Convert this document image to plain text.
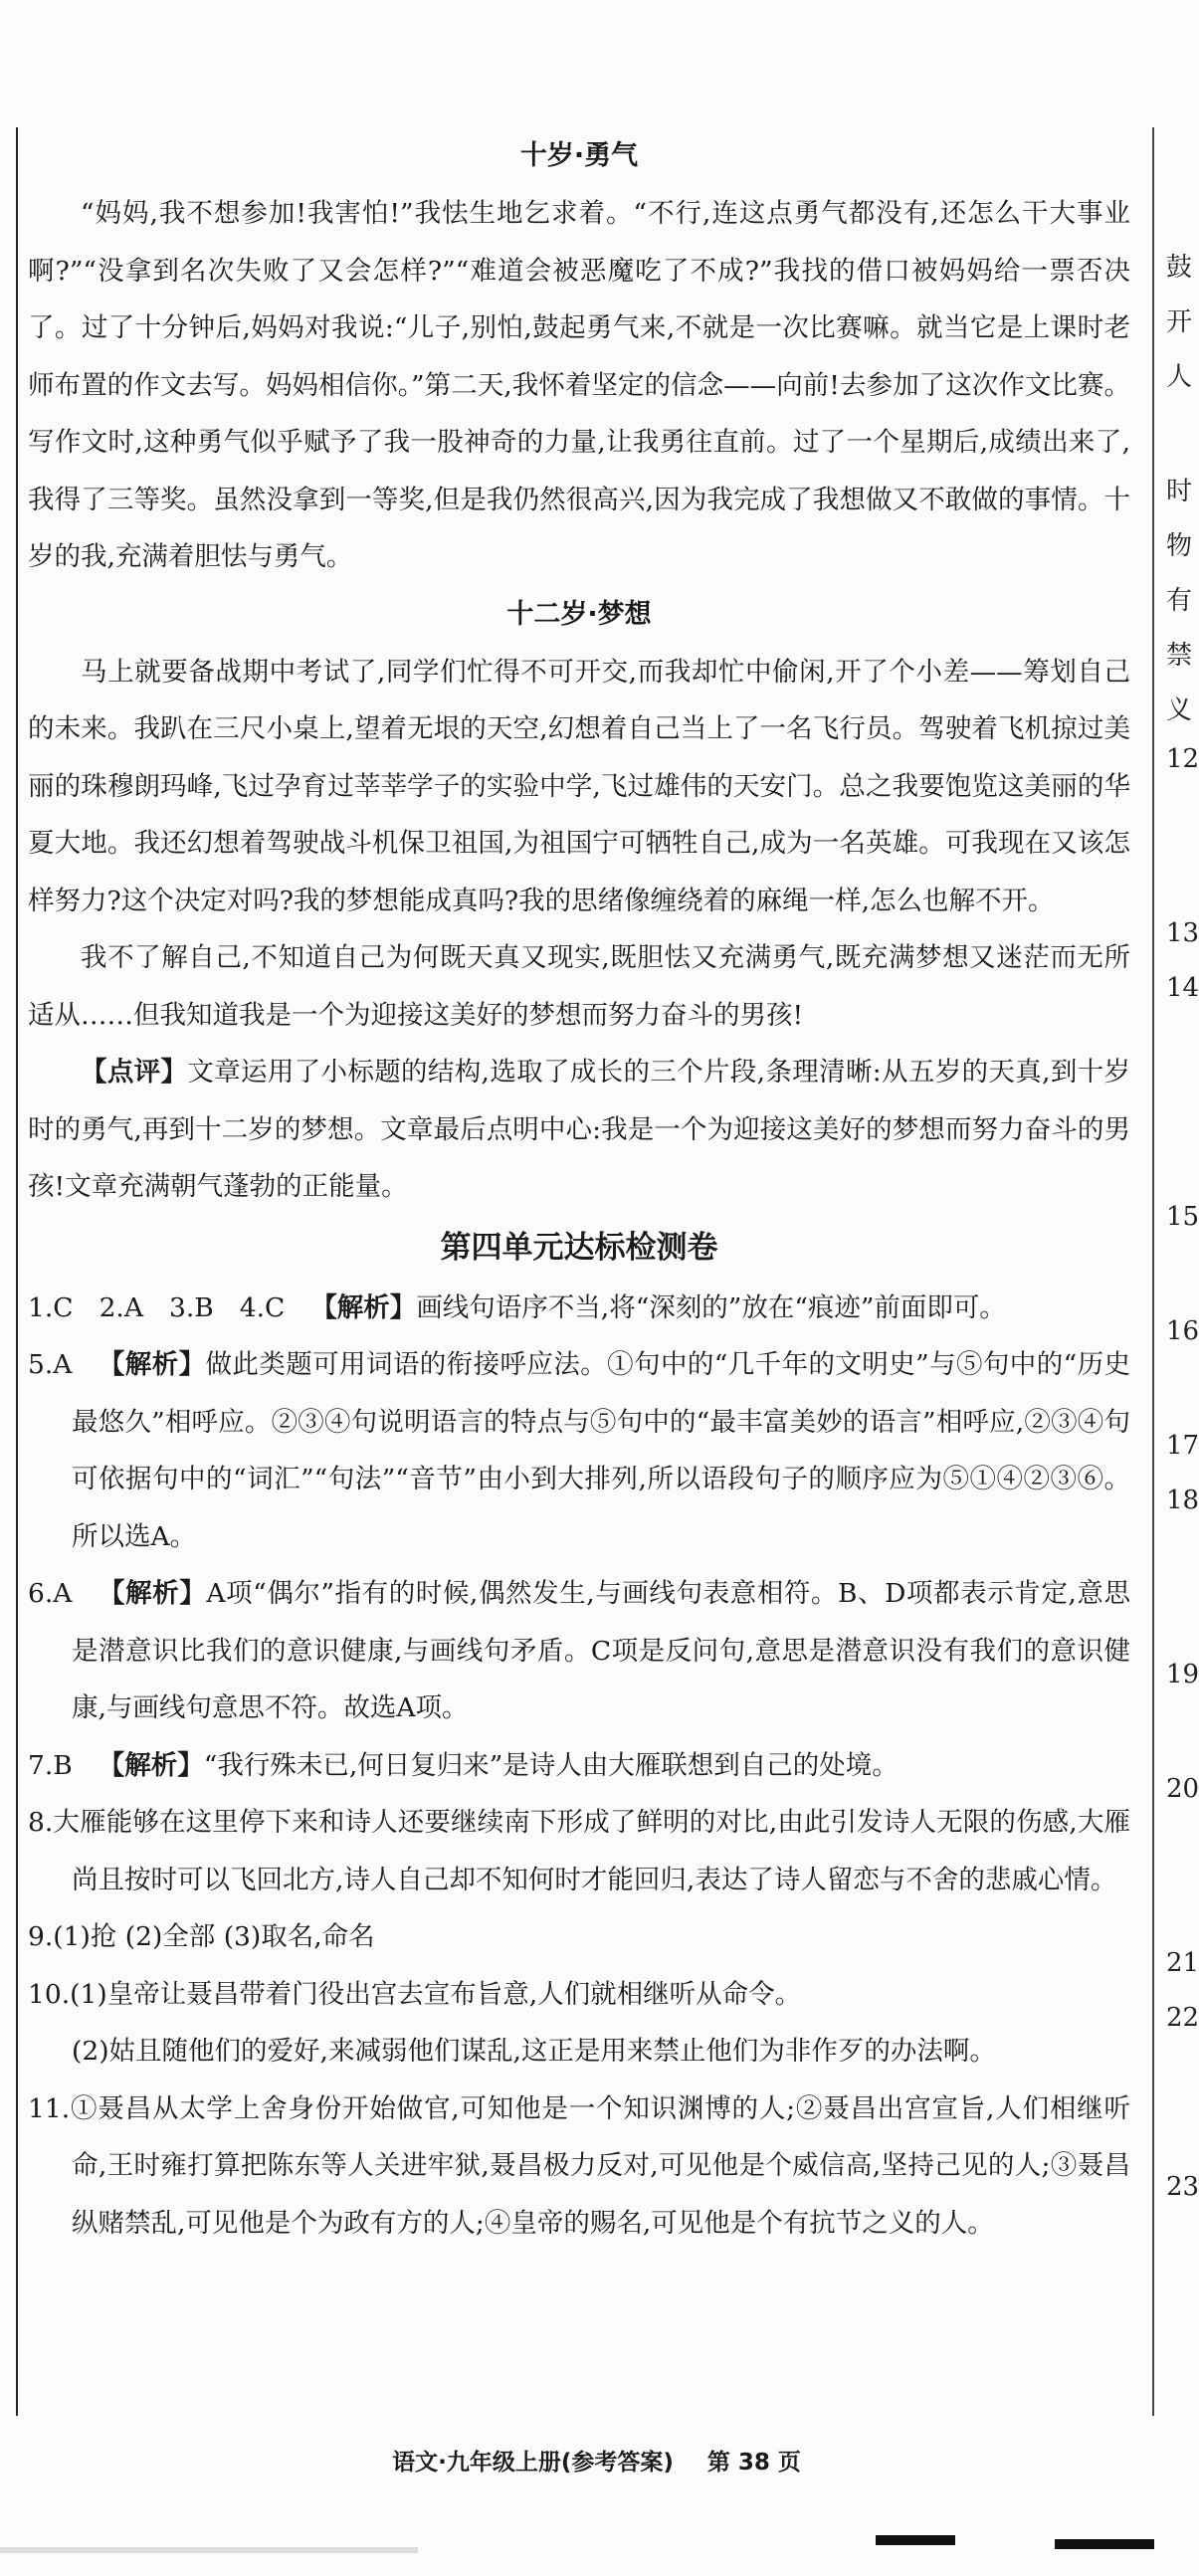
十岁·勇气

“妈妈,我不想参加!我害怕!”我怯生地乞求着。“不行,连这点勇气都没有,还怎么干大事业啊?”“没拿到名次失败了又会怎样?”“难道会被恶魔吃了不成?”我找的借口被妈妈给一票否决了。过了十分钟后,妈妈对我说:“儿子,别怕,鼓起勇气来,不就是一次比赛嘛。就当它是上课时老师布置的作文去写。妈妈相信你。”第二天,我怀着坚定的信念——向前!去参加了这次作文比赛。写作文时,这种勇气似乎赋予了我一股神奇的力量,让我勇往直前。过了一个星期后,成绩出来了,我得了三等奖。虽然没拿到一等奖,但是我仍然很高兴,因为我完成了我想做又不敢做的事情。十岁的我,充满着胆怯与勇气。

十二岁·梦想

马上就要备战期中考试了,同学们忙得不可开交,而我却忙中偷闲,开了个小差——筹划自己的未来。我趴在三尺小桌上,望着无垠的天空,幻想着自己当上了一名飞行员。驾驶着飞机掠过美丽的珠穆朗玛峰,飞过孕育过莘莘学子的实验中学,飞过雄伟的天安门。总之我要饱览这美丽的华夏大地。我还幻想着驾驶战斗机保卫祖国,为祖国宁可牺牲自己,成为一名英雄。可我现在又该怎样努力?这个决定对吗?我的梦想能成真吗?我的思绪像缠绕着的麻绳一样,怎么也解不开。

我不了解自己,不知道自己为何既天真又现实,既胆怯又充满勇气,既充满梦想又迷茫而无所适从……但我知道我是一个为迎接这美好的梦想而努力奋斗的男孩!

【点评】文章运用了小标题的结构,选取了成长的三个片段,条理清晰:从五岁的天真,到十岁时的勇气,再到十二岁的梦想。文章最后点明中心:我是一个为迎接这美好的梦想而努力奋斗的男孩!文章充满朝气蓬勃的正能量。

第四单元达标检测卷

1.C 2.A 3.B 4.C 【解析】画线句语序不当,将“深刻的”放在“痕迹”前面即可。

5.A 【解析】做此类题可用词语的衔接呼应法。①句中的“几千年的文明史”与⑤句中的“历史最悠久”相呼应。②③④句说明语言的特点与⑤句中的“最丰富美妙的语言”相呼应,②③④句可依据句中的“词汇”“句法”“音节”由小到大排列,所以语段句子的顺序应为⑤①④②③⑥。所以选A。

6.A 【解析】A项“偶尔”指有的时候,偶然发生,与画线句表意相符。B、D项都表示肯定,意思是潜意识比我们的意识健康,与画线句矛盾。C项是反问句,意思是潜意识没有我们的意识健康,与画线句意思不符。故选A项。

7.B 【解析】“我行殊未已,何日复归来”是诗人由大雁联想到自己的处境。

8.大雁能够在这里停下来和诗人还要继续南下形成了鲜明的对比,由此引发诗人无限的伤感,大雁尚且按时可以飞回北方,诗人自己却不知何时才能回归,表达了诗人留恋与不舍的悲戚心情。

9.(1)抢 (2)全部 (3)取名,命名

10.(1)皇帝让聂昌带着门役出宫去宣布旨意,人们就相继听从命令。

(2)姑且随他们的爱好,来减弱他们谋乱,这正是用来禁止他们为非作歹的办法啊。

11.①聂昌从太学上舍身份开始做官,可知他是一个知识渊博的人;②聂昌出宫宣旨,人们相继听命,王时雍打算把陈东等人关进牢狱,聂昌极力反对,可见他是个威信高,坚持己见的人;③聂昌纵赌禁乱,可见他是个为政有方的人;④皇帝的赐名,可见他是个有抗节之义的人。

鼓
开
人
时
物
有
禁
义
12
13
14
15
16
17
18
19
20
21
22
23
语文·九年级上册(参考答案) 第 38 页
